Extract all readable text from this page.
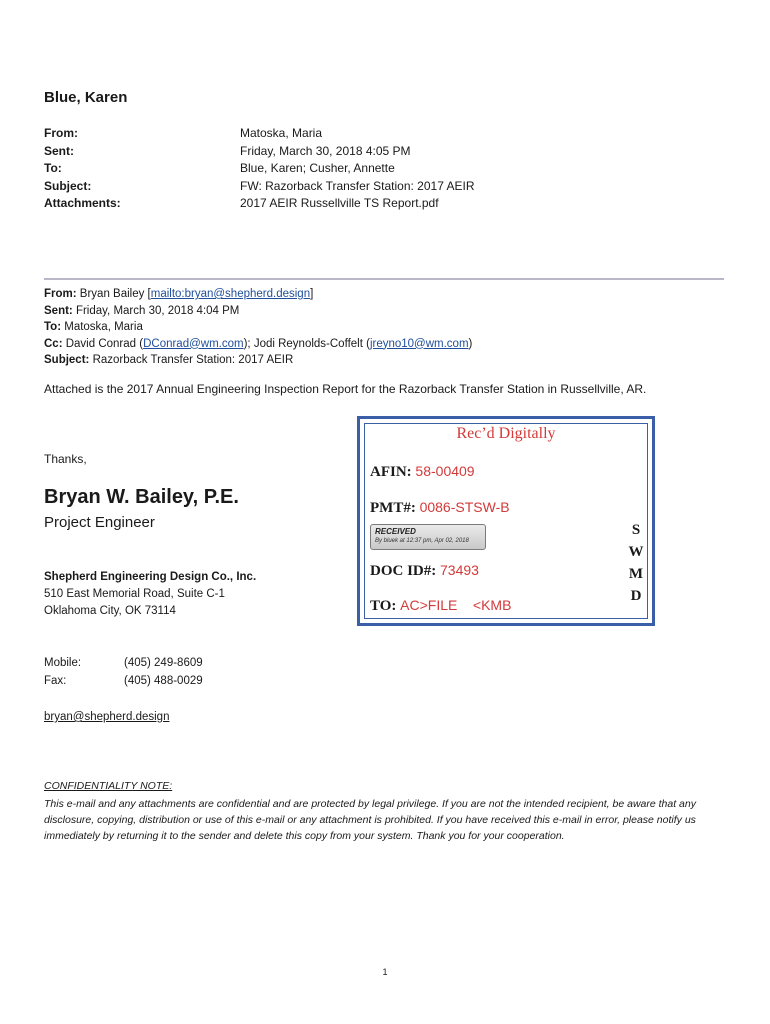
Blue, Karen
From:	Matoska, Maria
Sent:	Friday, March 30, 2018 4:05 PM
To:	Blue, Karen; Cusher, Annette
Subject:	FW: Razorback Transfer Station: 2017 AEIR
Attachments:	2017 AEIR Russellville TS Report.pdf
From: Bryan Bailey [mailto:bryan@shepherd.design]
Sent: Friday, March 30, 2018 4:04 PM
To: Matoska, Maria
Cc: David Conrad (DConrad@wm.com); Jodi Reynolds-Coffelt (jreyno10@wm.com)
Subject: Razorback Transfer Station: 2017 AEIR
Attached is the 2017 Annual Engineering Inspection Report for the Razorback Transfer Station in Russellville, AR.
Thanks,
Bryan W. Bailey, P.E.
Project Engineer
Shepherd Engineering Design Co., Inc.
510 East Memorial Road, Suite C-1
Oklahoma City, OK 73114
Mobile:	(405) 249-8609
Fax:	(405) 488-0029
bryan@shepherd.design
CONFIDENTIALITY NOTE:
This e-mail and any attachments are confidential and are protected by legal privilege. If you are not the intended recipient, be aware that any disclosure, copying, distribution or use of this e-mail or any attachment is prohibited. If you have received this e-mail in error, please notify us immediately by returning it to the sender and delete this copy from your system. Thank you for your cooperation.
1
Rec’d Digitally
AFIN: 58-00409
PMT#: 0086-STSW-B
RECEIVED
By bluek at 12:37 pm, Apr 02, 2018
DOC ID#: 73493
TO: AC>FILE    <KMB
S
W
M
D
